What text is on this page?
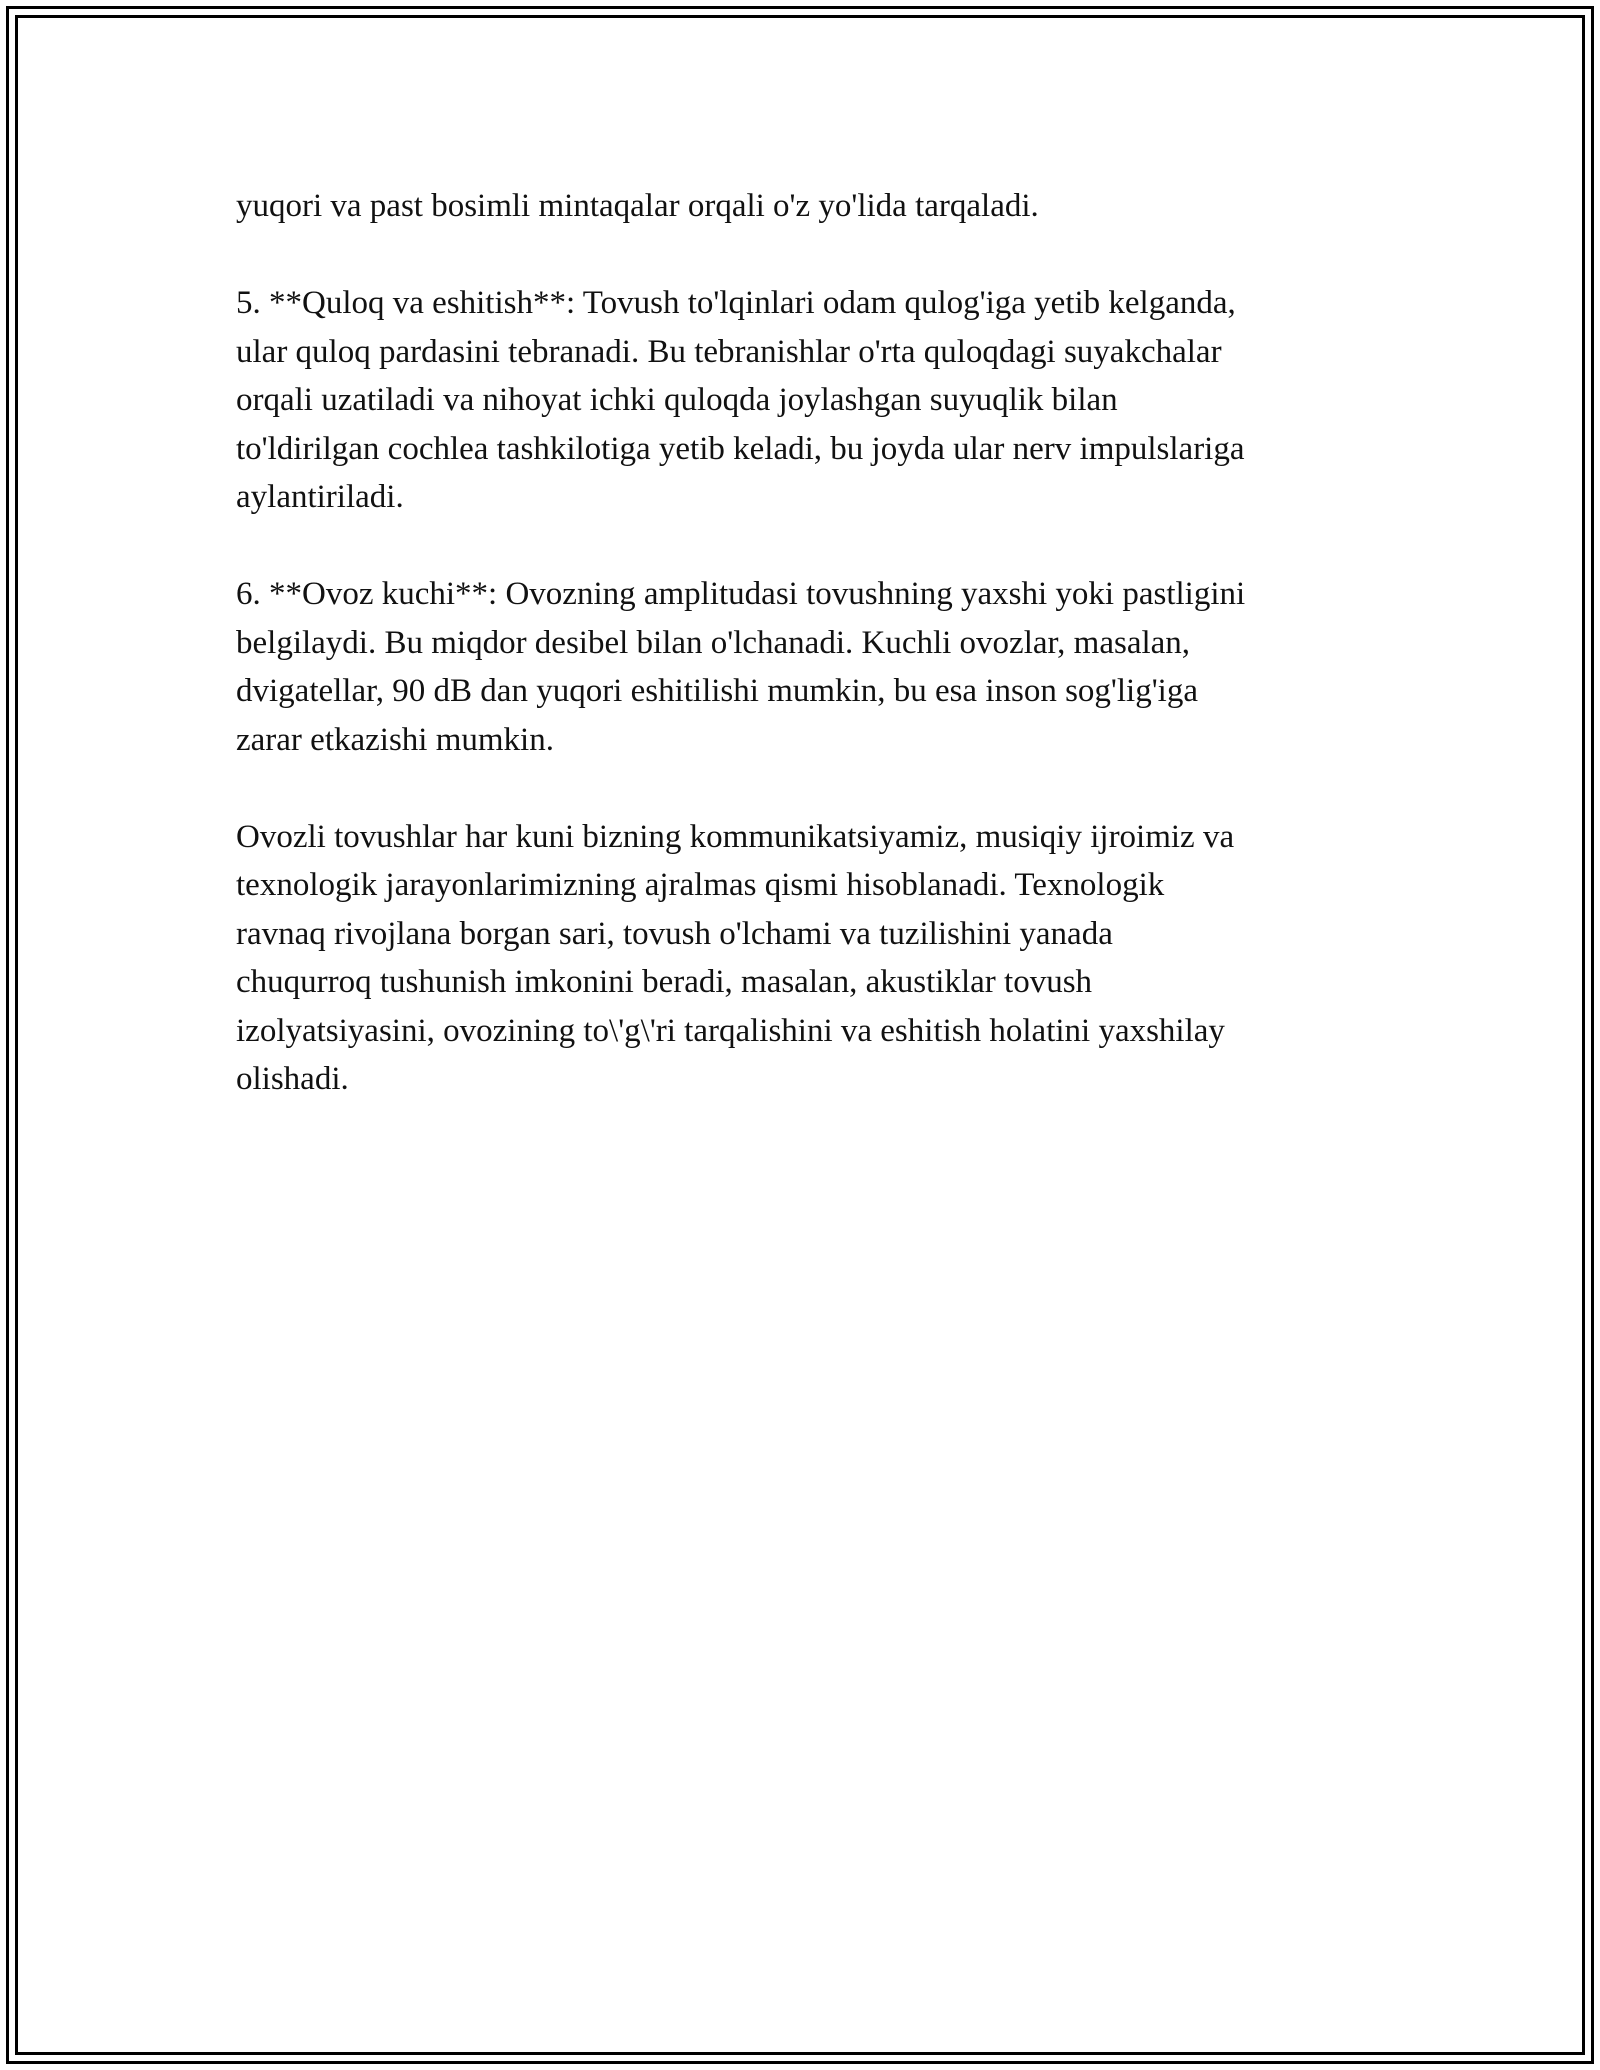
yuqori va past bosimli mintaqalar orqali o'z yo'lida tarqaladi.

5. **Quloq va eshitish**: Tovush to'lqinlari odam qulog'iga yetib kelganda,
ular quloq pardasini tebranadi. Bu tebranishlar o'rta quloqdagi suyakchalar
orqali uzatiladi va nihoyat ichki quloqda joylashgan suyuqlik bilan
to'ldirilgan cochlea tashkilotiga yetib keladi, bu joyda ular nerv impulslariga
aylantiriladi.

6. **Ovoz kuchi**: Ovozning amplitudasi tovushning yaxshi yoki pastligini
belgilaydi. Bu miqdor desibel bilan o'lchanadi. Kuchli ovozlar, masalan,
dvigatellar, 90 dB dan yuqori eshitilishi mumkin, bu esa inson sog'lig'iga
zarar etkazishi mumkin.

Ovozli tovushlar har kuni bizning kommunikatsiyamiz, musiqiy ijroimiz va
texnologik jarayonlarimizning ajralmas qismi hisoblanadi. Texnologik
ravnaq rivojlana borgan sari, tovush o'lchami va tuzilishini yanada
chuqurroq tushunish imkonini beradi, masalan, akustiklar tovush
izolyatsiyasini, ovozining to\'g\'ri tarqalishini va eshitish holatini yaxshilay
olishadi.
